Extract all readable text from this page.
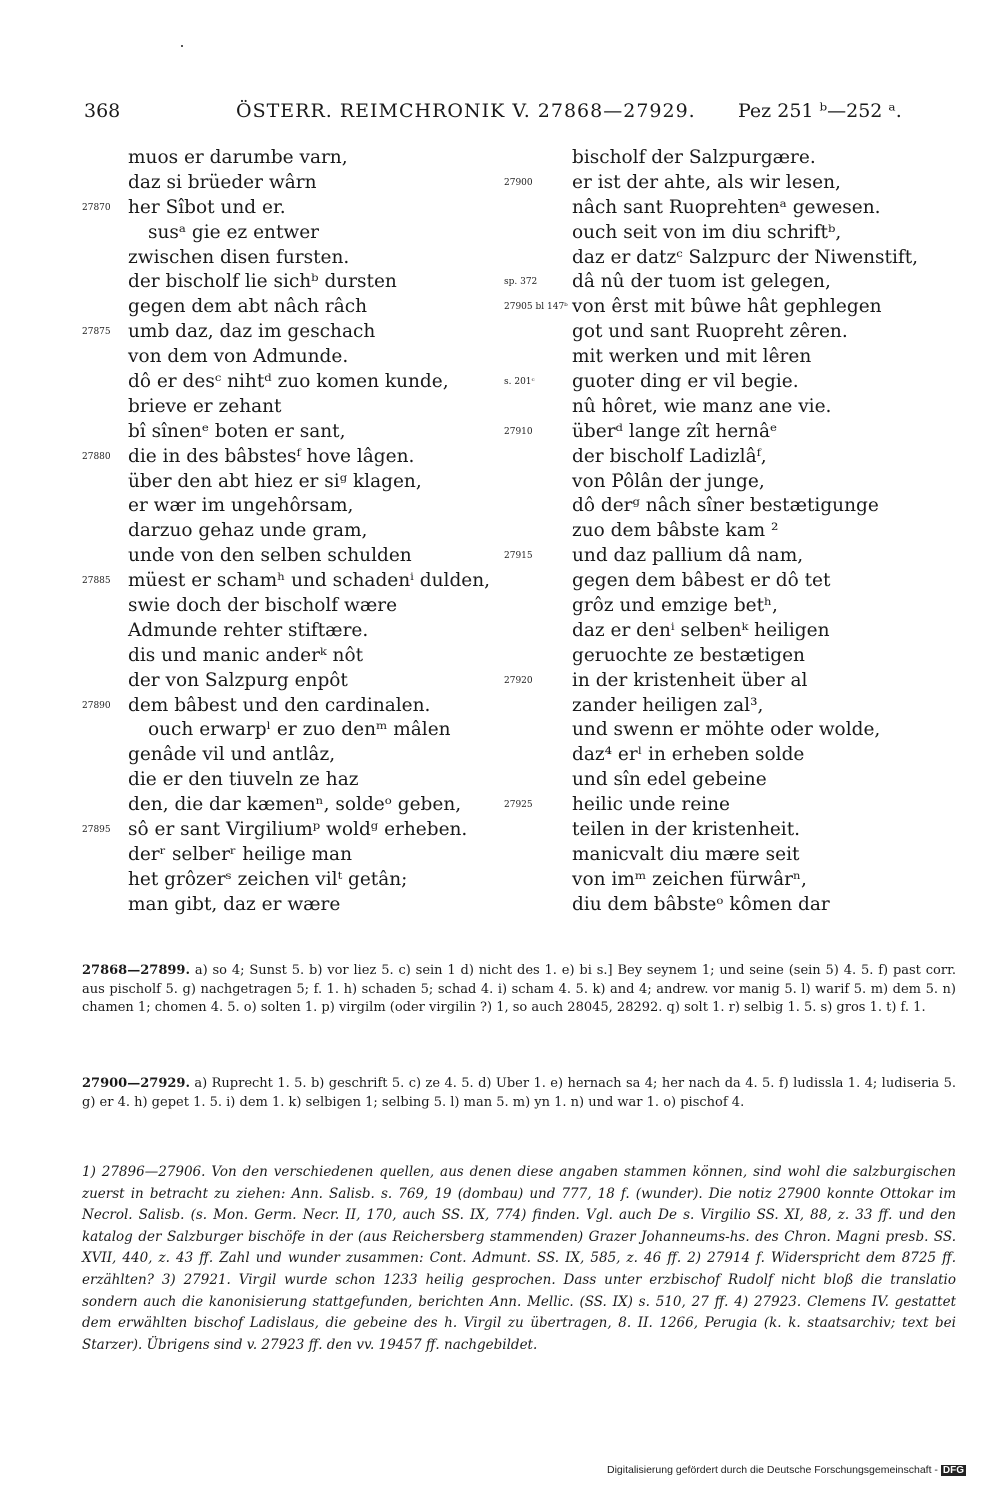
368	ÖSTERR. REIMCHRONIK V. 27868—27929. Pez 251 ᵇ—252 ᵃ.
muos er darumbe varn,
daz si brüeder wârn
27870 her Sîbot und er.
susᵃ gie ez entwer
zwischen disen fursten.
der bischolf lie sichᵇ dursten
gegen dem abt nâch râch
27875 umb daz, daz im geschach
von dem von Admunde.
dô er desᶜ nihtᵈ zuo komen kunde,
brieve er zehant
bî sînenᵉ boten er sant,
27880 die in des bâbstesᶠ hove lâgen.
über den abt hiez er siᵍ klagen,
er wær im ungehôrsam,
darzuo gehaz unde gram,
unde von den selben schulden
27885 müest er schamʰ und schadenⁱ dulden,
swie doch der bischolf wære
Admunde rehter stiftære.
dis und manic anderᵏ nôt
der von Salzpurg enpôt
27890 dem bâbest und den cardinalen.
ouch erwarpˡ er zuo denᵐ mâlen
genâde vil und antlâz,
die er den tiuveln ze haz
den, die dar kæmenⁿ, soldeᵒ geben,
27895 sô er sant Virgiliumᵖ woldᵍ erheben.
derʳ selberʳ heilige man
het grôzerˢ zeichen vilᵗ getân;
man gibt, daz er wære
bischolf der Salzpurgære.
27900 er ist der ahte, als wir lesen,
nâch sant Ruoprehtenᵃ gewesen.
ouch seit von im diu schriftᵇ,
daz er datzᶜ Salzpurc der Niwenstift,
sp. 372 dâ nû der tuom ist gelegen,
27905 bl 147ᵇ von êrst mit bûwe hât gephlegen
got und sant Ruopreht zêren.
mit werken und mit lêren
s. 201ᶜ guoter ding er vil begie.
nû hôret, wie manz ane vie.
27910 überᵈ lange zît hernâᵉ
der bischolf Ladizlâᶠ,
von Pôlân der junge,
dô derᵍ nâch sîner bestætigunge
zuo dem bâbste kam ²
27915 und daz pallium dâ nam,
gegen dem bâbest er dô tet
grôz und emzige betʰ,
daz er denⁱ selbenᵏ heiligen
geruochte ze bestætigen
27920 in der kristenheit über al
zander heiligen zal³,
und swenn er möhte oder wolde,
daz⁴ erˡ in erheben solde
und sîn edel gebeine
27925 heilic unde reine
teilen in der kristenheit.
manicvalt diu mære seit
von imᵐ zeichen fürwârⁿ,
diu dem bâbsteᵒ kômen dar
27868—27899. a) so 4; Sunst 5. b) vor liez 5. c) sein 1 d) nicht des 1. e) bi s.] Bey seynem 1; und seine (sein 5) 4. 5. f) past corr. aus pischolf 5. g) nachgetragen 5; f. 1. h) schaden 5; schad 4. i) scham 4. 5. k) and 4; andrew. vor manig 5. l) warif 5. m) dem 5. n) chamen 1; chomen 4. 5. o) solten 1. p) virgilm (oder virgilin ?) 1, so auch 28045, 28292. q) solt 1. r) selbig 1. 5. s) gros 1. t) f. 1.
27900—27929. a) Ruprecht 1. 5. b) geschrift 5. c) ze 4. 5. d) Uber 1. e) hernach sa 4; her nach da 4. 5. f) ludissla 1. 4; ludiseria 5. g) er 4. h) gepet 1. 5. i) dem 1. k) selbigen 1; selbing 5. l) man 5. m) yn 1. n) und war 1. o) pischof 4.
1) 27896—27906. Von den verschiedenen quellen, aus denen diese angaben stammen können, sind wohl die salzburgischen zuerst in betracht zu ziehen: Ann. Salisb. s. 769, 19 (dombau) und 777, 18 f. (wunder). Die notiz 27900 konnte Ottokar im Necrol. Salisb. (s. Mon. Germ. Necr. II, 170, auch SS. IX, 774) finden. Vgl. auch De s. Virgilio SS. XI, 88, z. 33 ff. und den katalog der Salzburger bischöfe in der (aus Reichersberg stammenden) Grazer Johanneums-hs. des Chron. Magni presb. SS. XVII, 440, z. 43 ff. Zahl und wunder zusammen: Cont. Admunt. SS. IX, 585, z. 46 ff. 2) 27914 f. Widerspricht dem 8725 ff. erzählten? 3) 27921. Virgil wurde schon 1233 heilig gesprochen. Dass unter erzbischof Rudolf nicht bloß die translatio sondern auch die kanonisierung stattgefunden, berichten Ann. Mellic. (SS. IX) s. 510, 27 ff. 4) 27923. Clemens IV. gestattet dem erwählten bischof Ladislaus, die gebeine des h. Virgil zu übertragen, 8. II. 1266, Perugia (k. k. staatsarchiv; text bei Starzer). Übrigens sind v. 27923 ff. den vv. 19457 ff. nachgebildet.
Digitalisierung gefördert durch die Deutsche Forschungsgemeinschaft - DFG
